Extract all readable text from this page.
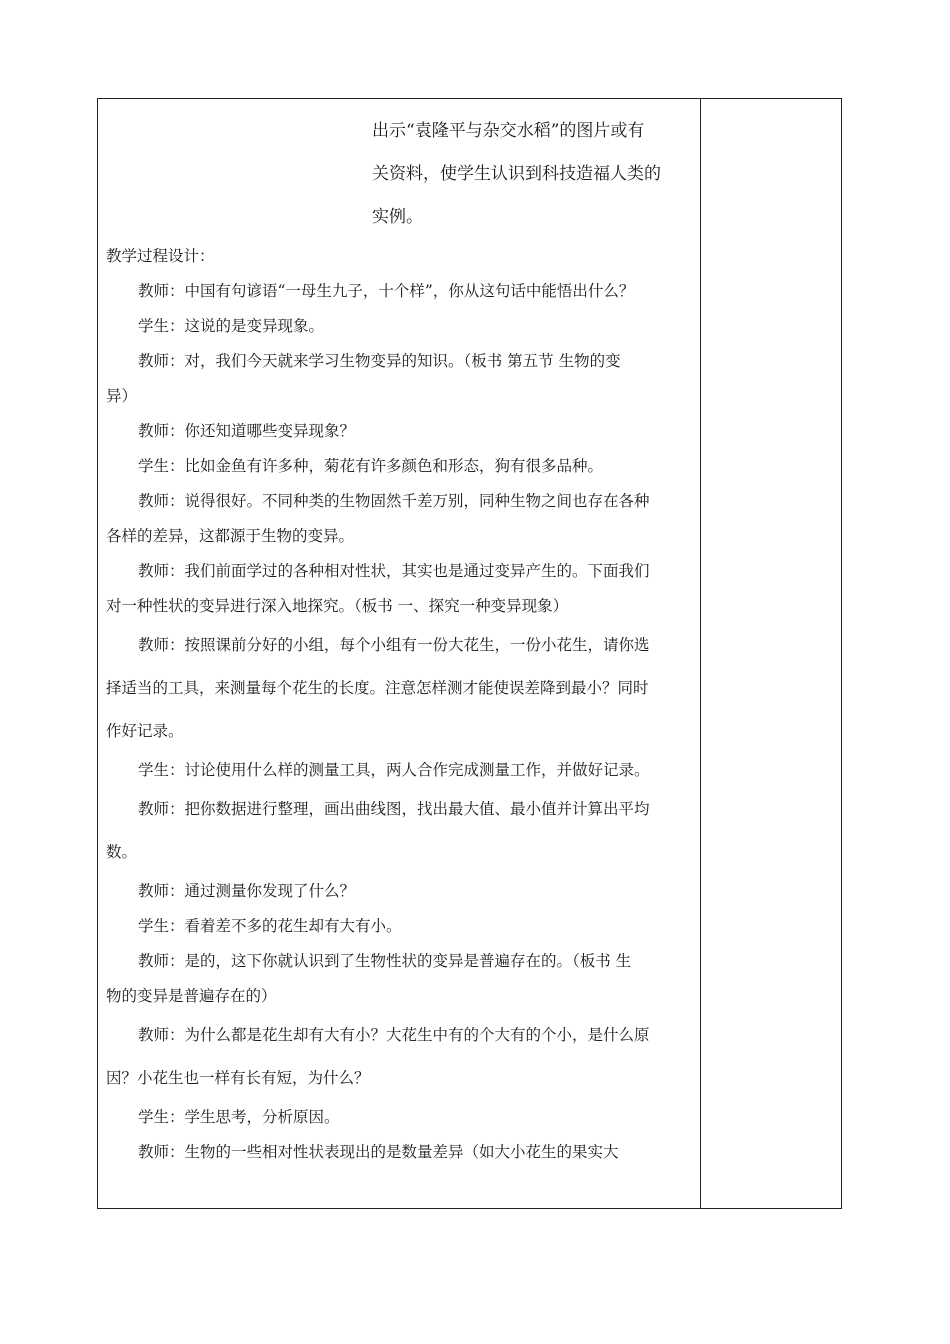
出示“袁隆平与杂交水稻”的图片或有

关资料，使学生认识到科技造福人类的

实例。

教学过程设计：

教师：中国有句谚语“一母生九子，十个样”，你从这句话中能悟出什么？

学生：这说的是变异现象。

教师：对，我们今天就来学习生物变异的知识。（板书 第五节 生物的变
异）

教师：你还知道哪些变异现象？

学生：比如金鱼有许多种，菊花有许多颜色和形态，狗有很多品种。

教师：说得很好。不同种类的生物固然千差万别，同种生物之间也存在各种
各样的差异，这都源于生物的变异。

教师：我们前面学过的各种相对性状，其实也是通过变异产生的。下面我们
对一种性状的变异进行深入地探究。（板书 一、探究一种变异现象）

教师：按照课前分好的小组，每个小组有一份大花生，一份小花生，请你选
择适当的工具，来测量每个花生的长度。注意怎样测才能使误差降到最小？同时
作好记录。

学生：讨论使用什么样的测量工具，两人合作完成测量工作，并做好记录。

教师：把你数据进行整理，画出曲线图，找出最大值、最小值并计算出平均
数。

教师：通过测量你发现了什么？

学生：看着差不多的花生却有大有小。

教师：是的，这下你就认识到了生物性状的变异是普遍存在的。（板书 生
物的变异是普遍存在的）

教师：为什么都是花生却有大有小？大花生中有的个大有的个小，是什么原
因？小花生也一样有长有短，为什么？

学生：学生思考，分析原因。

教师：生物的一些相对性状表现出的是数量差异（如大小花生的果实大
